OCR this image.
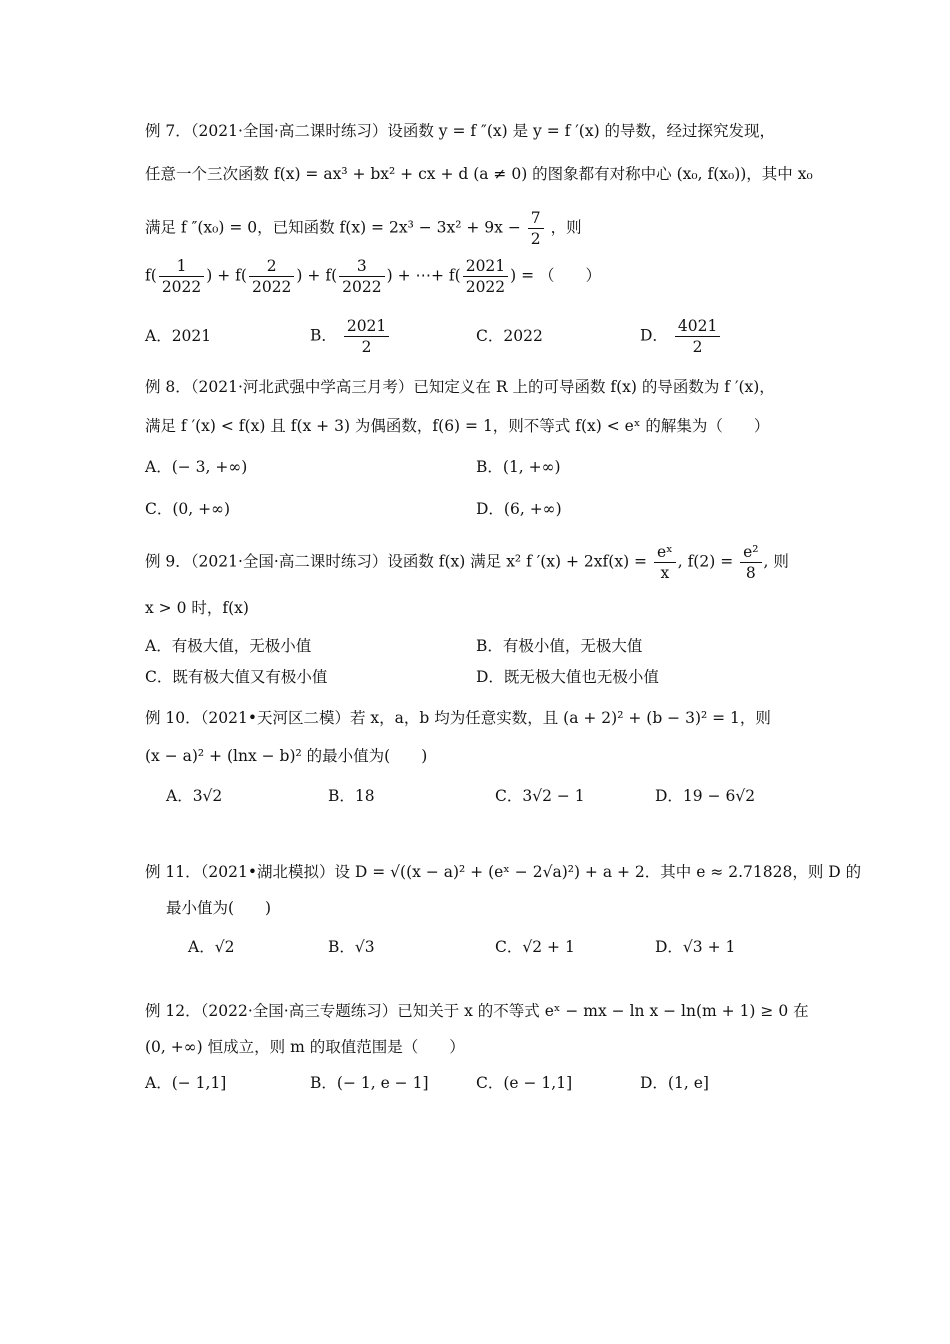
例 7．（2021·全国·高二课时练习）设函数 y = f ″(x) 是 y = f ′(x) 的导数，经过探究发现，
任意一个三次函数 f(x) = ax³ + bx² + cx + d (a ≠ 0) 的图象都有对称中心 (x₀, f(x₀))，其中 x₀
满足 f ″(x₀) = 0，已知函数 $f(x) = 2x^3 - 3x^2 + 9x - \frac{7}{2}$ ，则
$f( \frac{1}{2022}$ ) + $f( \frac{2}{2022}$ ) + $f( \frac{3}{2022}$ ) + ⋯+ $f( \frac{2021}{2022}$ ) = （　　）
A．2021	B． $\frac{2021}{2}$	C．2022	D． $\frac{4021}{2}$
例 8．（2021·河北武强中学高三月考）已知定义在 R 上的可导函数 f(x) 的导函数为 f ′(x)，
满足 f ′(x) < f(x) 且 f(x + 3) 为偶函数，f(6) = 1，则不等式 f(x) < eˣ 的解集为（　　）
A．(− 3, +∞)	B．(1, +∞)
C．(0, +∞)	D．(6, +∞)
例 9．（2021·全国·高二课时练习）设函数 f(x) 满足 x² f $'(x) + 2xf(x) = \frac{\text{eˣ}}{x}$ , $f(2) = \frac{\text{e²}}{8}$ , 则
x > 0 时，f(x)
A．有极大值，无极小值	B．有极小值，无极大值
C．既有极大值又有极小值	D．既无极大值也无极小值
例 10．（2021•天河区二模）若 x，a，b 均为任意实数，且 (a + 2)² + (b − 3)² = 1，则
(x − a)² + (lnx − b)² 的最小值为(　　)
A．3√2	B．18	C．3√2 − 1	D．19 − 6√2
例 11．（2021•湖北模拟）设 D = √((x − a)² + (eˣ − 2√a)²) + a + 2．其中 e ≈ 2.71828，则 D 的
最小值为(　　)
A．√2	B．√3	C．√2 + 1	D．√3 + 1
例 12．（2022·全国·高三专题练习）已知关于 x 的不等式 eˣ − mx − ln x − ln(m + 1) ≥ 0 在
(0, +∞) 恒成立，则 m 的取值范围是（　　）
A．(− 1,1]	B．(− 1, e − 1]	C．(e − 1,1]	D．(1, e]
